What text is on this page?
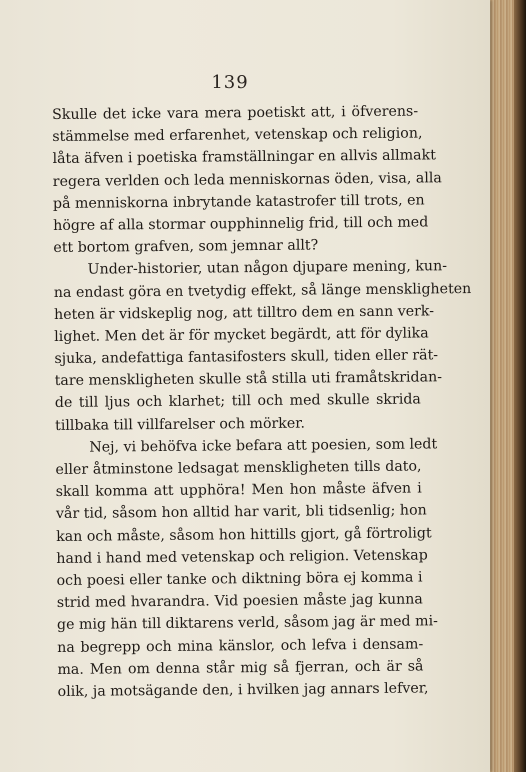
139
Skulle det icke vara mera poetiskt att, i öfverens-
stämmelse med erfarenhet, vetenskap och religion,
låta äfven i poetiska framställningar en allvis allmakt
regera verlden och leda menniskornas öden, visa, alla
på menniskorna inbrytande katastrofer till trots, en
högre af alla stormar oupphinnelig frid, till och med
ett bortom grafven, som jemnar allt?
Under-historier, utan någon djupare mening, kun-
na endast göra en tvetydig effekt, så länge menskligheten
heten är vidskeplig nog, att tilltro dem en sann verk-
lighet. Men det är för mycket begärdt, att för dylika
sjuka, andefattiga fantasifosters skull, tiden eller rät-
tare menskligheten skulle stå stilla uti framåtskridan-
de till ljus och klarhet; till och med skulle skrida
tillbaka till villfarelser och mörker.
Nej, vi behöfva icke befara att poesien, som ledt
eller åtminstone ledsagat menskligheten tills dato,
skall komma att upphöra! Men hon måste äfven i
vår tid, såsom hon alltid har varit, bli tidsenlig; hon
kan och måste, såsom hon hittills gjort, gå förtroligt
hand i hand med vetenskap och religion. Vetenskap
och poesi eller tanke och diktning böra ej komma i
strid med hvarandra. Vid poesien måste jag kunna
ge mig hän till diktarens verld, såsom jag är med mi-
na begrepp och mina känslor, och lefva i densam-
ma. Men om denna står mig så fjerran, och är så
olik, ja motsägande den, i hvilken jag annars lefver,
